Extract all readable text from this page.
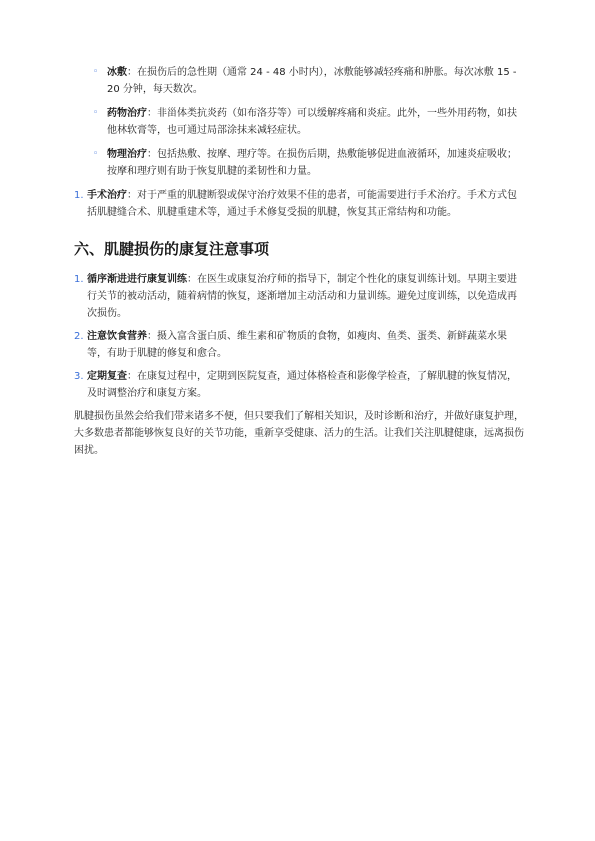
◦ 冰敷：在损伤后的急性期（通常 24 - 48 小时内），冰敷能够减轻疼痛和肿胀。每次冰敷 15 - 20 分钟，每天数次。
◦ 药物治疗：非甾体类抗炎药（如布洛芬等）可以缓解疼痛和炎症。此外，一些外用药物，如扶他林软膏等，也可通过局部涂抹来减轻症状。
◦ 物理治疗：包括热敷、按摩、理疗等。在损伤后期，热敷能够促进血液循环，加速炎症吸收；按摩和理疗则有助于恢复肌腱的柔韧性和力量。
1. 手术治疗：对于严重的肌腱断裂或保守治疗效果不佳的患者，可能需要进行手术治疗。手术方式包括肌腱缝合术、肌腱重建术等，通过手术修复受损的肌腱，恢复其正常结构和功能。
六、肌腱损伤的康复注意事项
1. 循序渐进进行康复训练：在医生或康复治疗师的指导下，制定个性化的康复训练计划。早期主要进行关节的被动活动，随着病情的恢复，逐渐增加主动活动和力量训练。避免过度训练，以免造成再次损伤。
2. 注意饮食营养：摄入富含蛋白质、维生素和矿物质的食物，如瘦肉、鱼类、蛋类、新鲜蔬菜水果等，有助于肌腱的修复和愈合。
3. 定期复查：在康复过程中，定期到医院复查，通过体格检查和影像学检查，了解肌腱的恢复情况，及时调整治疗和康复方案。

肌腱损伤虽然会给我们带来诸多不便，但只要我们了解相关知识，及时诊断和治疗，并做好康复护理，大多数患者都能够恢复良好的关节功能，重新享受健康、活力的生活。让我们关注肌腱健康，远离损伤困扰。
